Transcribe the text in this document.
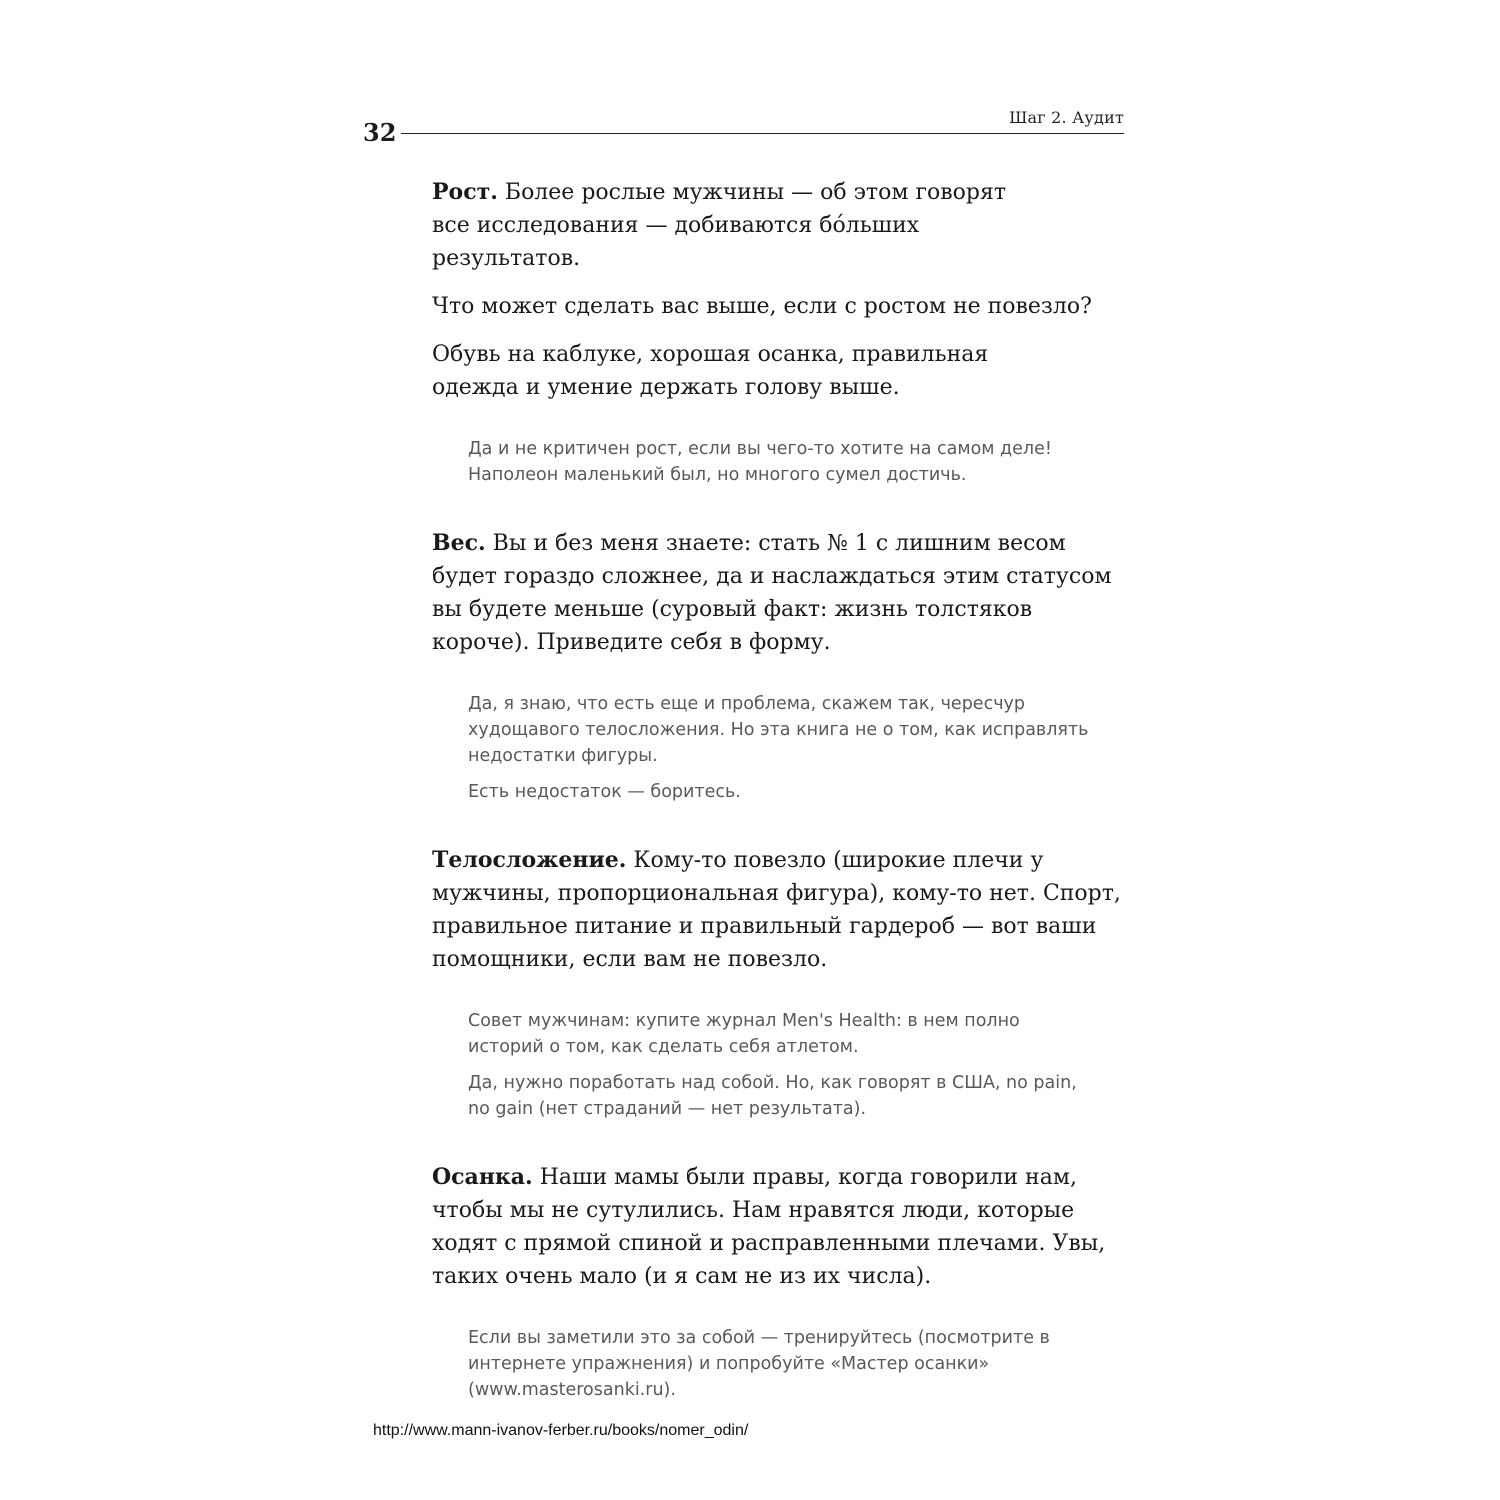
32
Шаг 2. Аудит

Рост. Более рослые мужчины — об этом говорят все исследования — добиваются бо́льших результатов.

Что может сделать вас выше, если с ростом не повезло?

Обувь на каблуке, хорошая осанка, правильная одежда и умение держать голову выше.

Да и не критичен рост, если вы чего-то хотите на самом деле! Наполеон маленький был, но многого сумел достичь.

Вес. Вы и без меня знаете: стать № 1 с лишним весом будет гораздо сложнее, да и наслаждаться этим статусом вы будете меньше (суровый факт: жизнь толстяков короче). Приведите себя в форму.

Да, я знаю, что есть еще и проблема, скажем так, чересчур худощавого телосложения. Но эта книга не о том, как исправлять недостатки фигуры.

Есть недостаток — боритесь.

Телосложение. Кому-то повезло (широкие плечи у мужчины, пропорциональная фигура), кому-то нет. Спорт, правильное питание и правильный гардероб — вот ваши помощники, если вам не повезло.

Совет мужчинам: купите журнал Men's Health: в нем полно историй о том, как сделать себя атлетом.

Да, нужно поработать над собой. Но, как говорят в США, no pain, no gain (нет страданий — нет результата).

Осанка. Наши мамы были правы, когда говорили нам, чтобы мы не сутулились. Нам нравятся люди, которые ходят с прямой спиной и расправленными плечами. Увы, таких очень мало (и я сам не из их числа).

Если вы заметили это за собой — тренируйтесь (посмотрите в интернете упражнения) и попробуйте «Мастер осанки» (www.masterosanki.ru).

http://www.mann-ivanov-ferber.ru/books/nomer_odin/
